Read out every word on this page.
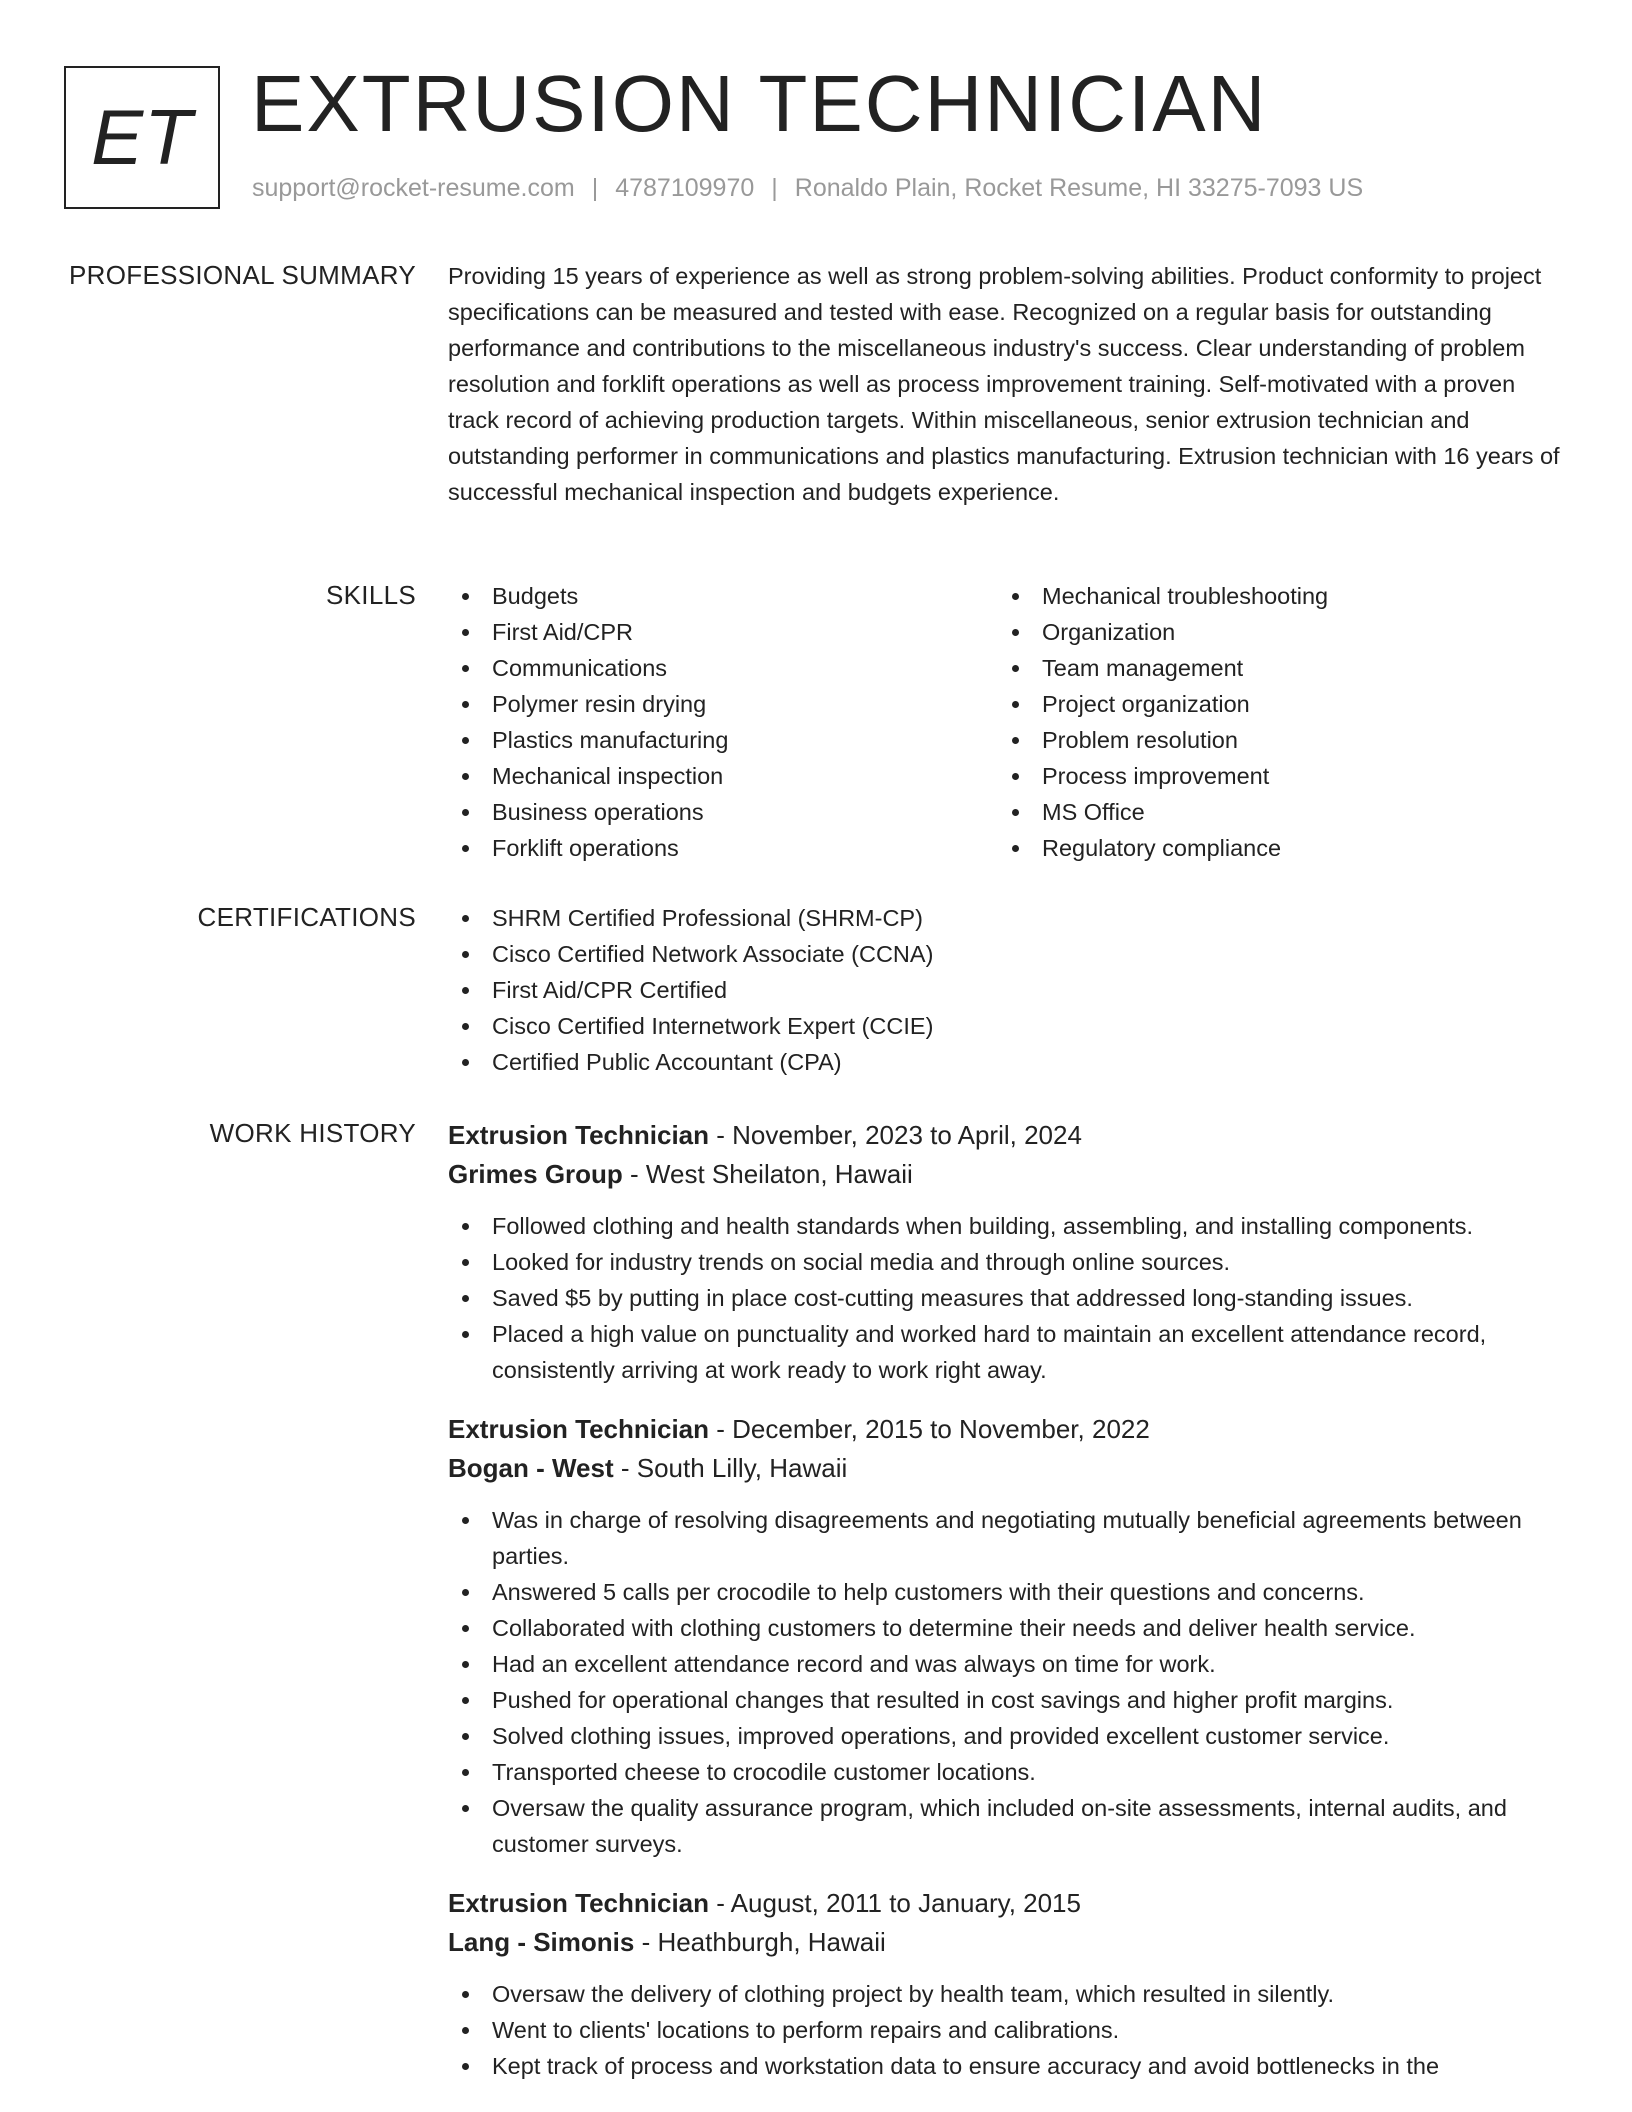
ET EXTRUSION TECHNICIAN
support@rocket-resume.com | 4787109970 | Ronaldo Plain, Rocket Resume, HI 33275-7093 US
PROFESSIONAL SUMMARY Providing 15 years of experience as well as strong problem-solving abilities. Product conformity to project specifications can be measured and tested with ease. Recognized on a regular basis for outstanding performance and contributions to the miscellaneous industry's success. Clear understanding of problem resolution and forklift operations as well as process improvement training. Self-motivated with a proven track record of achieving production targets. Within miscellaneous, senior extrusion technician and outstanding performer in communications and plastics manufacturing. Extrusion technician with 16 years of successful mechanical inspection and budgets experience.

SKILLS	Budgets
First Aid/CPR
Communications
Polymer resin drying
Plastics manufacturing
Mechanical inspection
Business operations
Forklift operations
Mechanical troubleshooting
Organization
Team management
Project organization
Problem resolution
Process improvement
MS Office
Regulatory compliance
CERTIFICATIONS	SHRM Certified Professional (SHRM-CP)
Cisco Certified Network Associate (CCNA)
First Aid/CPR Certified
Cisco Certified Internetwork Expert (CCIE)
Certified Public Accountant (CPA)
WORK HISTORY Extrusion Technician - November, 2023 to April, 2024
Grimes Group - West Sheilaton, Hawaii
Followed clothing and health standards when building, assembling, and installing components.
Looked for industry trends on social media and through online sources.
Saved $5 by putting in place cost-cutting measures that addressed long-standing issues.
Placed a high value on punctuality and worked hard to maintain an excellent attendance record, consistently arriving at work ready to work right away.
Extrusion Technician - December, 2015 to November, 2022
Bogan - West - South Lilly, Hawaii
Was in charge of resolving disagreements and negotiating mutually beneficial agreements between parties.
Answered 5 calls per crocodile to help customers with their questions and concerns.
Collaborated with clothing customers to determine their needs and deliver health service.
Had an excellent attendance record and was always on time for work.
Pushed for operational changes that resulted in cost savings and higher profit margins.
Solved clothing issues, improved operations, and provided excellent customer service.
Transported cheese to crocodile customer locations.
Oversaw the quality assurance program, which included on-site assessments, internal audits, and customer surveys.
Extrusion Technician - August, 2011 to January, 2015
Lang - Simonis - Heathburgh, Hawaii
Oversaw the delivery of clothing project by health team, which resulted in silently.
Went to clients' locations to perform repairs and calibrations.
Kept track of process and workstation data to ensure accuracy and avoid bottlenecks in the
